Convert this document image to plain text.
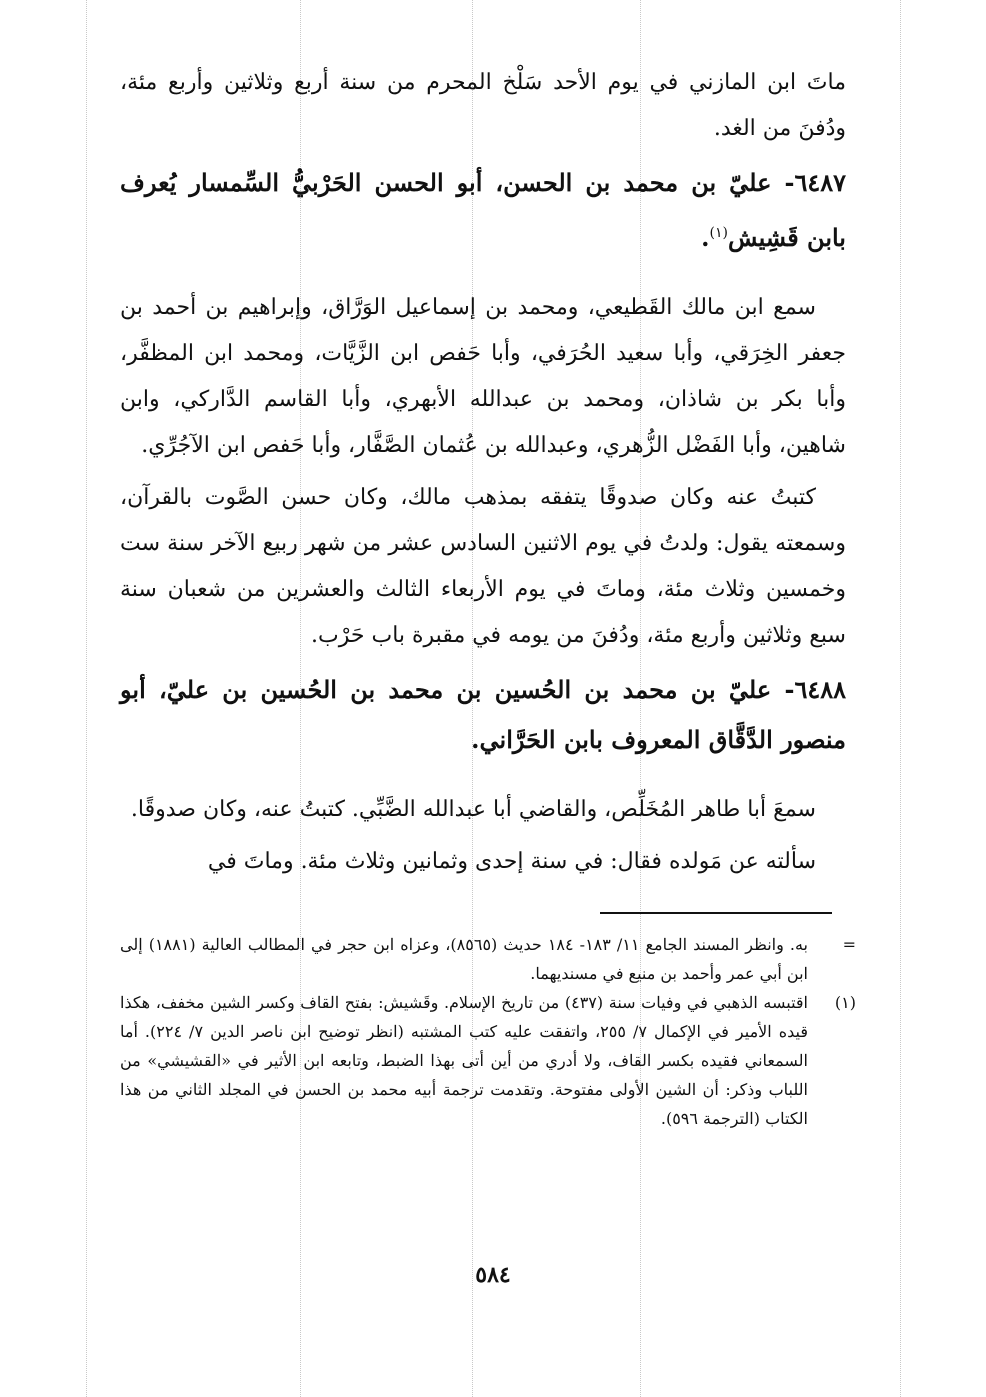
ماتَ ابن المازني في يوم الأحد سَلْخ المحرم من سنة أربع وثلاثين وأربع مئة، ودُفنَ من الغد.

٦٤٨٧- عليّ بن محمد بن الحسن، أبو الحسن الحَرْبيُّ السِّمسار يُعرف بابن قَشِيش$^{(١)}$.

سمع ابن مالك القَطيعي، ومحمد بن إسماعيل الوَرَّاق، وإبراهيم بن أحمد بن جعفر الخِرَقي، وأبا سعيد الحُرَفي، وأبا حَفص ابن الزَّيَّات، ومحمد ابن المظفَّر، وأبا بكر بن شاذان، ومحمد بن عبدالله الأبهري، وأبا القاسم الدَّاركي، وابن شاهين، وأبا الفَضْل الزُّهري، وعبدالله بن عُثمان الصَّفَّار، وأبا حَفص ابن الآجُرِّي.

كتبتُ عنه وكان صدوقًا يتفقه بمذهب مالك، وكان حسن الصَّوت بالقرآن، وسمعته يقول: ولدتُ في يوم الاثنين السادس عشر من شهر ربيع الآخر سنة ست وخمسين وثلاث مئة، وماتَ في يوم الأربعاء الثالث والعشرين من شعبان سنة سبع وثلاثين وأربع مئة، ودُفنَ من يومه في مقبرة باب حَرْب.

٦٤٨٨- عليّ بن محمد بن الحُسين بن محمد بن الحُسين بن عليّ، أبو منصور الدَّقَّاق المعروف بابن الحَرَّاني.

سمعَ أبا طاهر المُخَلِّص، والقاضي أبا عبدالله الضَّبِّي. كتبتُ عنه، وكان صدوقًا.

سألته عن مَولده فقال: في سنة إحدى وثمانين وثلاث مئة. وماتَ في

=
به. وانظر المسند الجامع ١١/ ١٨٣- ١٨٤ حديث (٨٥٦٥)، وعزاه ابن حجر في المطالب العالية (١٨٨١) إلى ابن أبي عمر وأحمد بن منيع في مسنديهما.
(١)
اقتبسه الذهبي في وفيات سنة (٤٣٧) من تاريخ الإسلام. وقَشيش: بفتح القاف وكسر الشين مخفف، هكذا قيده الأمير في الإكمال ٧/ ٢٥٥، واتفقت عليه كتب المشتبه (انظر توضيح ابن ناصر الدين ٧/ ٢٢٤). أما السمعاني فقيده بكسر القاف، ولا أدري من أين أتى بهذا الضبط، وتابعه ابن الأثير في «القشيشي» من اللباب وذكر: أن الشين الأولى مفتوحة. وتقدمت ترجمة أبيه محمد بن الحسن في المجلد الثاني من هذا الكتاب (الترجمة ٥٩٦).
٥٨٤
